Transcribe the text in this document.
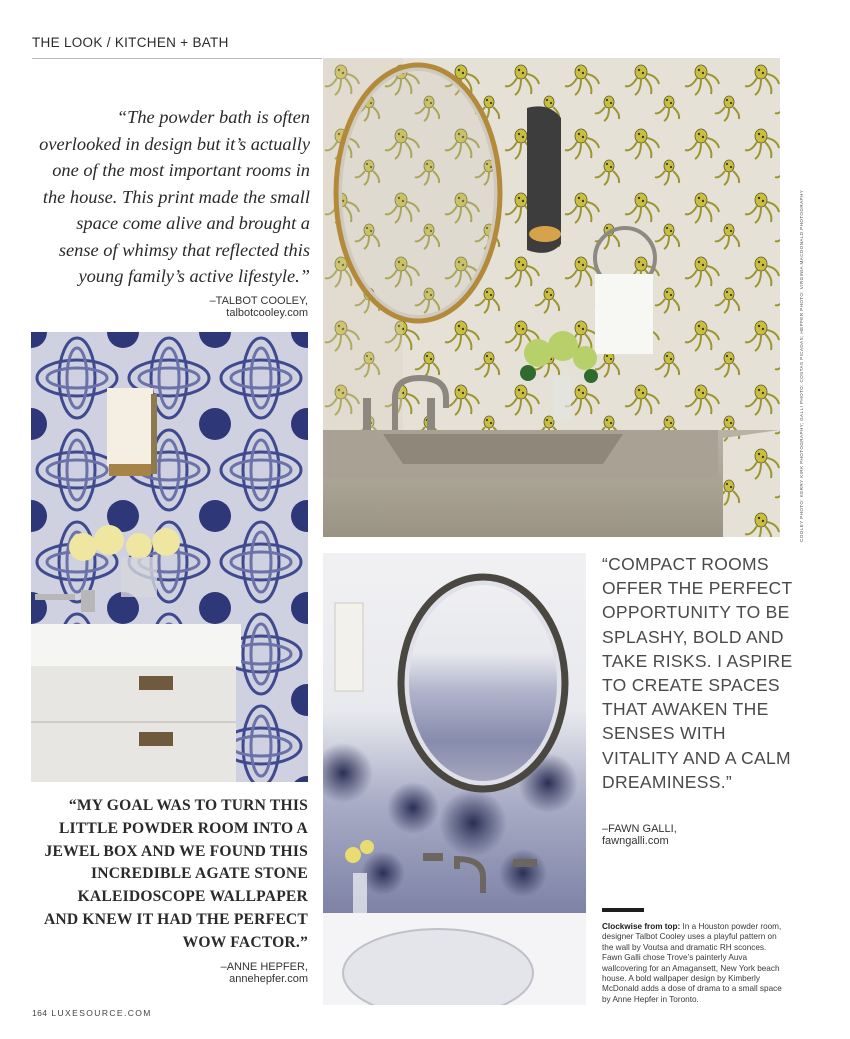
THE LOOK / KITCHEN + BATH
“The powder bath is often overlooked in design but it’s actually one of the most important rooms in the house. This print made the small space come alive and brought a sense of whimsy that reflected this young family’s active lifestyle.”
–TALBOT COOLEY,
talbotcooley.com
“MY GOAL WAS TO TURN THIS LITTLE POWDER ROOM INTO A JEWEL BOX AND WE FOUND THIS INCREDIBLE AGATE STONE KALEIDOSCOPE WALLPAPER AND KNEW IT HAD THE PERFECT WOW FACTOR.”
–ANNE HEPFER,
annehepfer.com
“COMPACT ROOMS OFFER THE PERFECT OPPORTUNITY TO BE SPLASHY, BOLD AND TAKE RISKS. I ASPIRE TO CREATE SPACES THAT AWAKEN THE SENSES WITH VITALITY AND A CALM DREAMINESS.”
–FAWN GALLI,
fawngalli.com
Clockwise from top: In a Houston powder room, designer Talbot Cooley uses a playful pattern on the wall by Voutsa and dramatic RH sconces. Fawn Galli chose Trove’s painterly Auva wallcovering for an Amagansett, New York beach house. A bold wallpaper design by Kimberly McDonald adds a dose of drama to a small space by Anne Hepfer in Toronto.
COOLEY PHOTO: KERRY KIRK PHOTOGRAPHY; GALLI PHOTO: COSTAS PICADAS; HEPFER PHOTO: VIRGINIA MACDONALD PHOTOGRAPHY
164 LUXESOURCE.COM
